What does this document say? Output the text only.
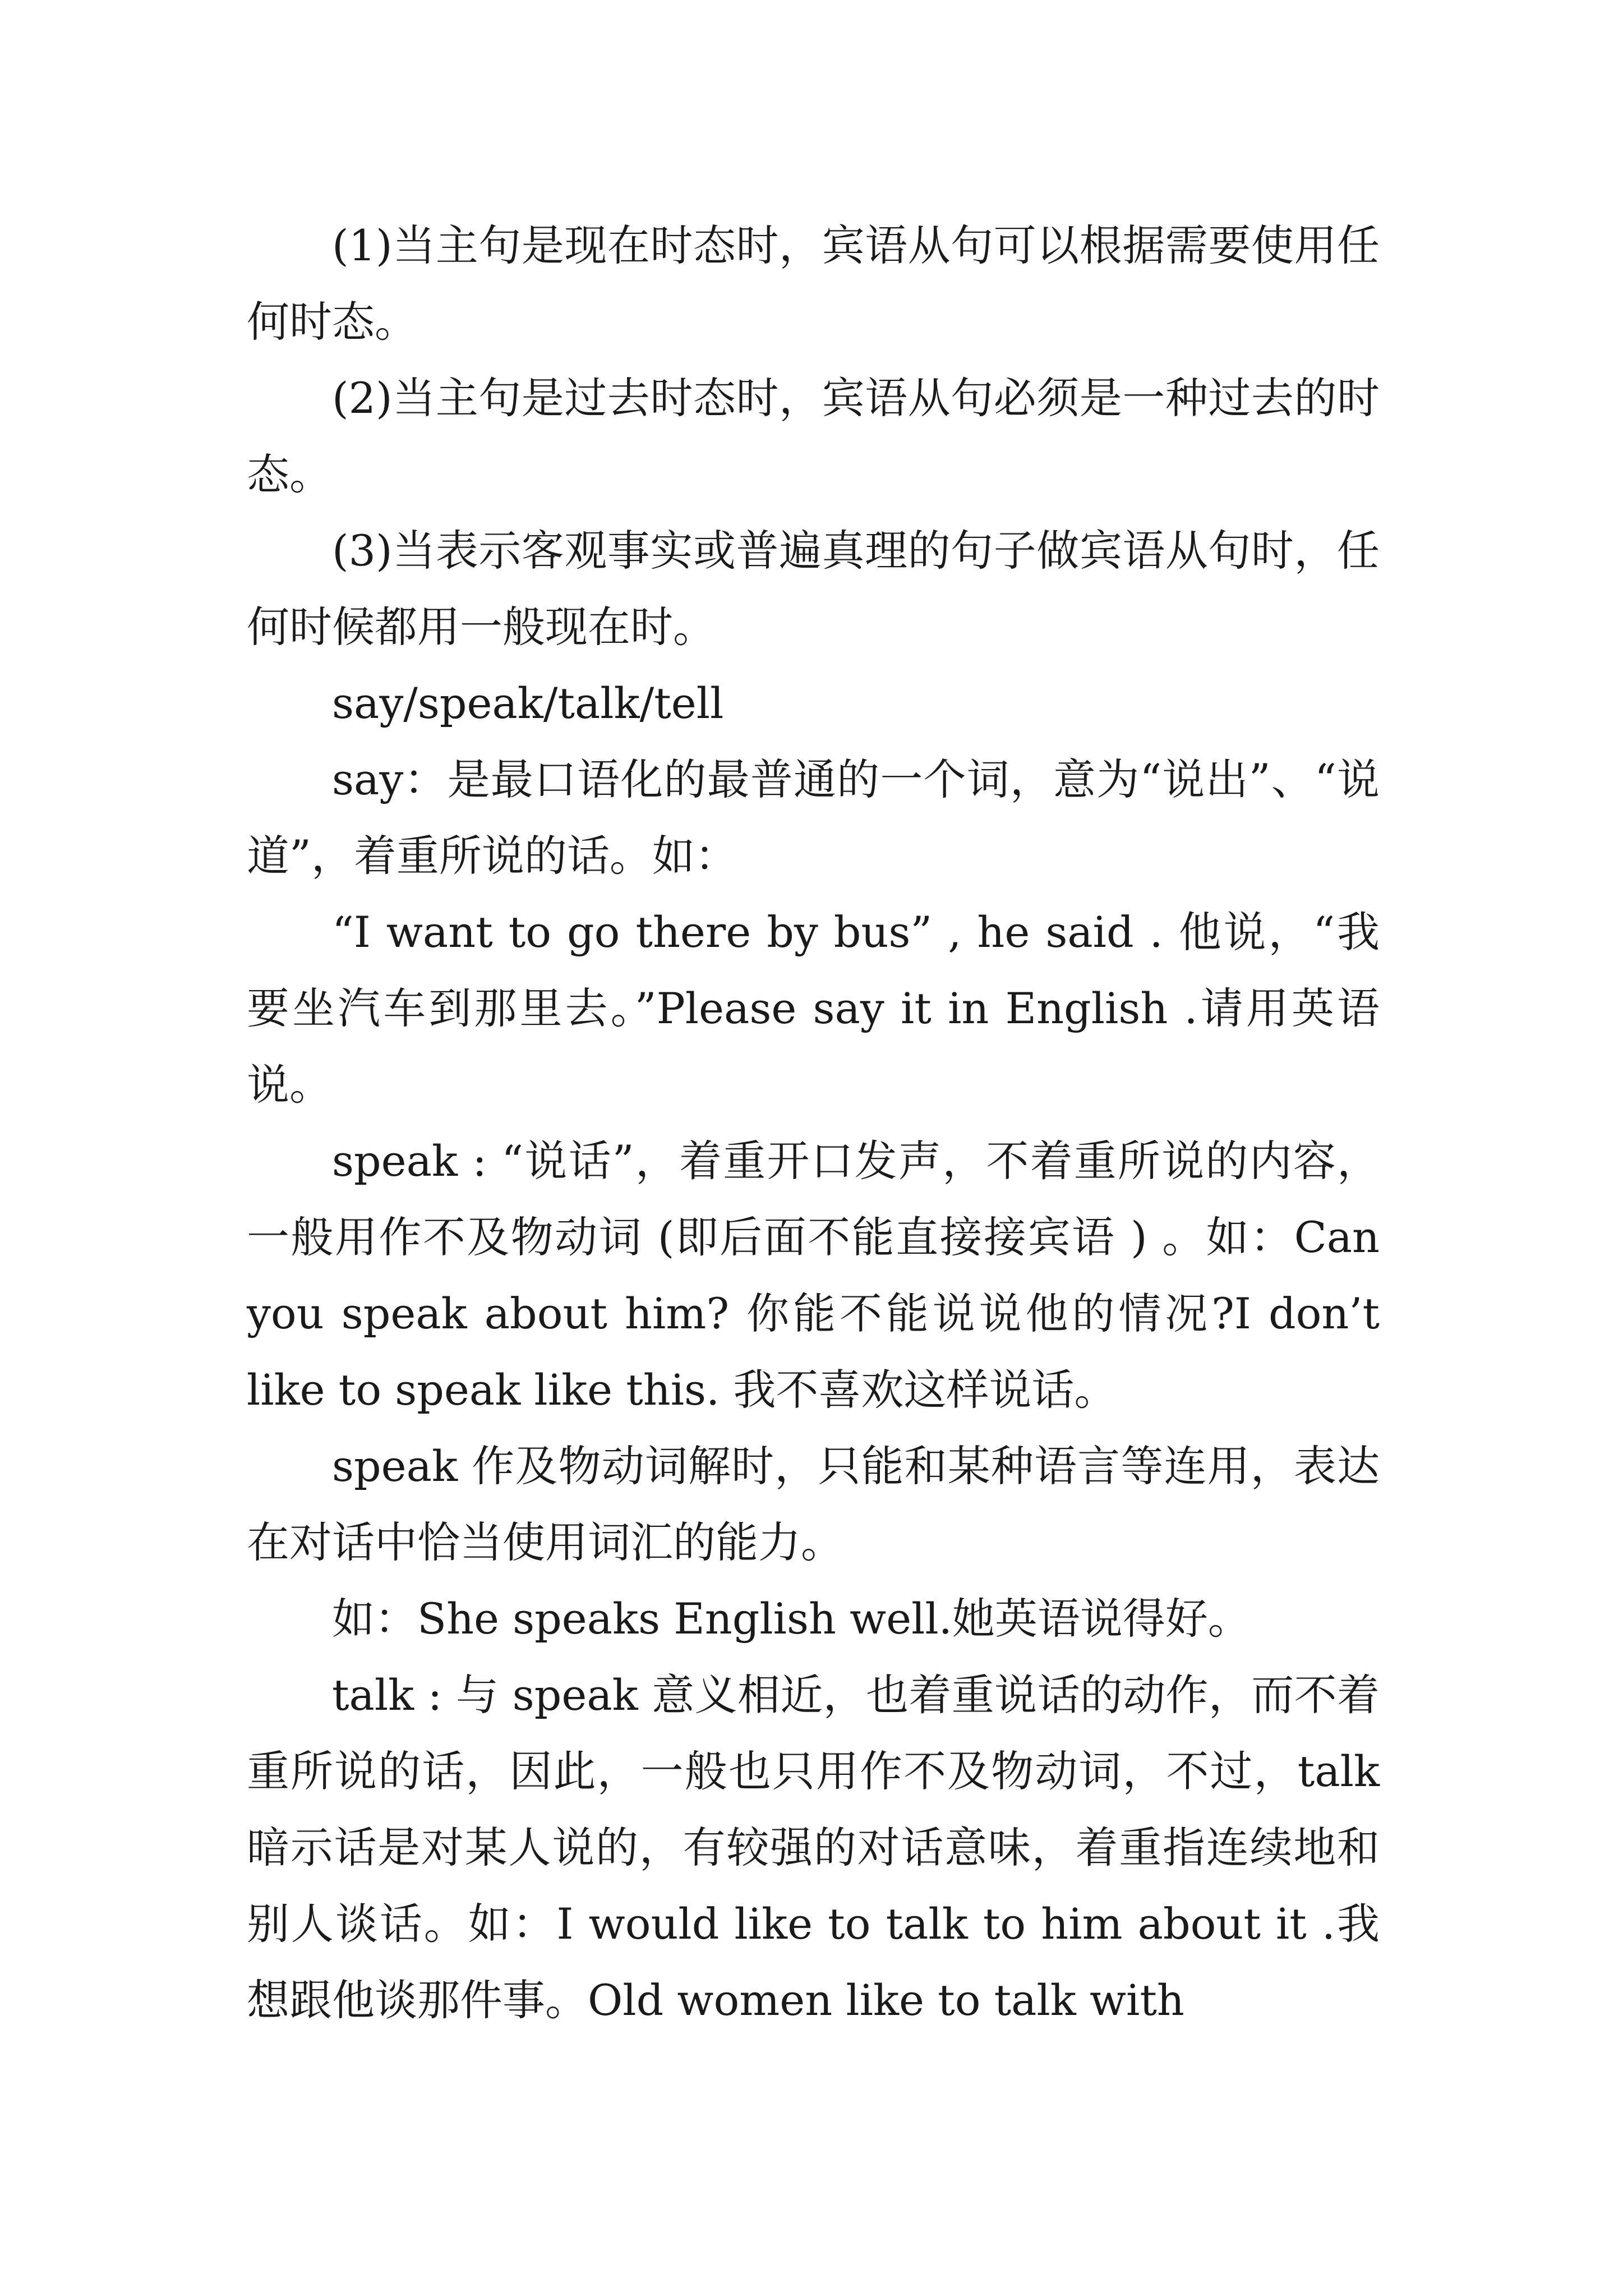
(1)当主句是现在时态时，宾语从句可以根据需要使用任何时态。

(2)当主句是过去时态时，宾语从句必须是一种过去的时态。

(3)当表示客观事实或普遍真理的句子做宾语从句时，任何时候都用一般现在时。

say/speak/talk/tell

say：是最口语化的最普通的一个词，意为“说出”、“说道”，着重所说的话。如：

“I want to go there by bus” , he said . 他说，“我要坐汽车到那里去。”Please say it in English .请用英语说。

speak : “说话”，着重开口发声，不着重所说的内容，一般用作不及物动词 (即后面不能直接接宾语 ) 。如：Can you speak about him? 你能不能说说他的情况?I don’t like to speak like this. 我不喜欢这样说话。

speak 作及物动词解时，只能和某种语言等连用，表达在对话中恰当使用词汇的能力。

如：She speaks English well.她英语说得好。

talk : 与 speak 意义相近，也着重说话的动作，而不着重所说的话，因此，一般也只用作不及物动词，不过，talk暗示话是对某人说的，有较强的对话意味，着重指连续地和别人谈话。如：I would like to talk to him about it .我想跟他谈那件事。Old women like to talk with
